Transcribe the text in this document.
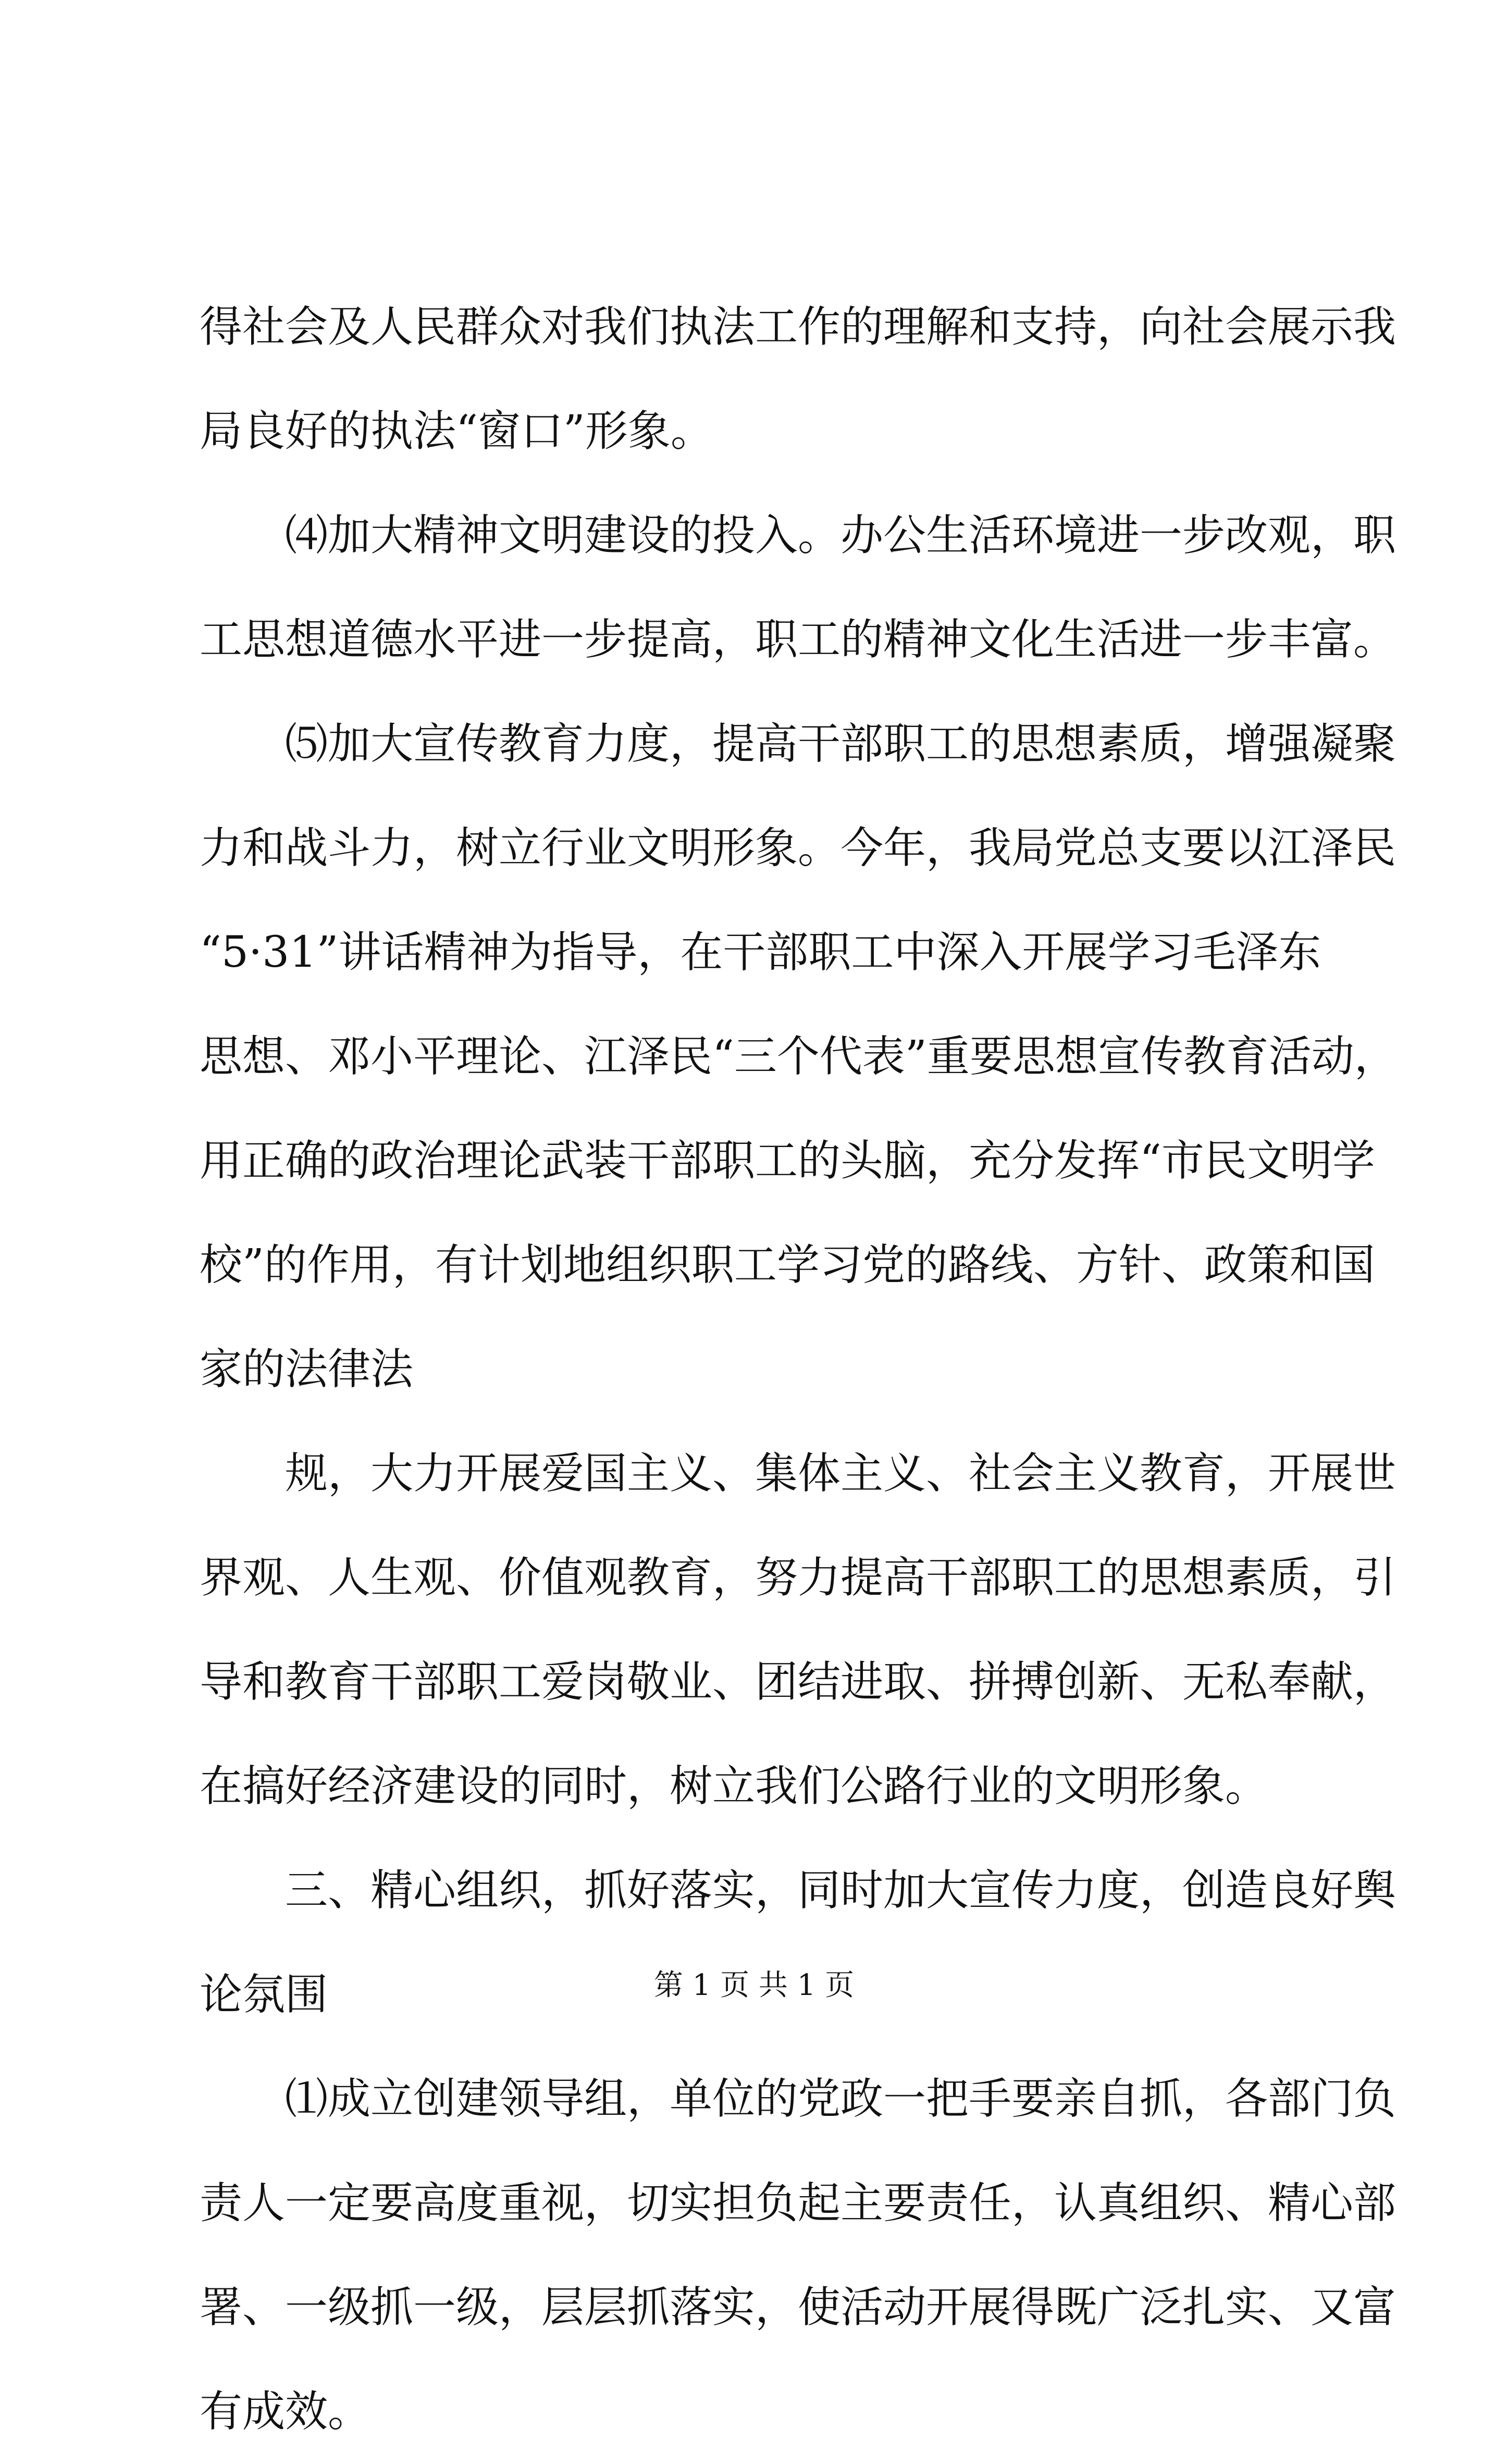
得社会及人民群众对我们执法工作的理解和支持，向社会展示我
局良好的执法“窗口”形象。
⑷加大精神文明建设的投入。办公生活环境进一步改观，职
工思想道德水平进一步提高，职工的精神文化生活进一步丰富。
⑸加大宣传教育力度，提高干部职工的思想素质，增强凝聚
力和战斗力，树立行业文明形象。今年，我局党总支要以江泽民
“5·31”讲话精神为指导，在干部职工中深入开展学习毛泽东
思想、邓小平理论、江泽民“三个代表”重要思想宣传教育活动，
用正确的政治理论武装干部职工的头脑，充分发挥“市民文明学
校”的作用，有计划地组织职工学习党的路线、方针、政策和国
家的法律法
规，大力开展爱国主义、集体主义、社会主义教育，开展世
界观、人生观、价值观教育，努力提高干部职工的思想素质，引
导和教育干部职工爱岗敬业、团结进取、拼搏创新、无私奉献，
在搞好经济建设的同时，树立我们公路行业的文明形象。
三、精心组织，抓好落实，同时加大宣传力度，创造良好舆
论氛围
⑴成立创建领导组，单位的党政一把手要亲自抓，各部门负
责人一定要高度重视，切实担负起主要责任，认真组织、精心部
署、一级抓一级，层层抓落实，使活动开展得既广泛扎实、又富
有成效。
第 1 页 共 1 页
